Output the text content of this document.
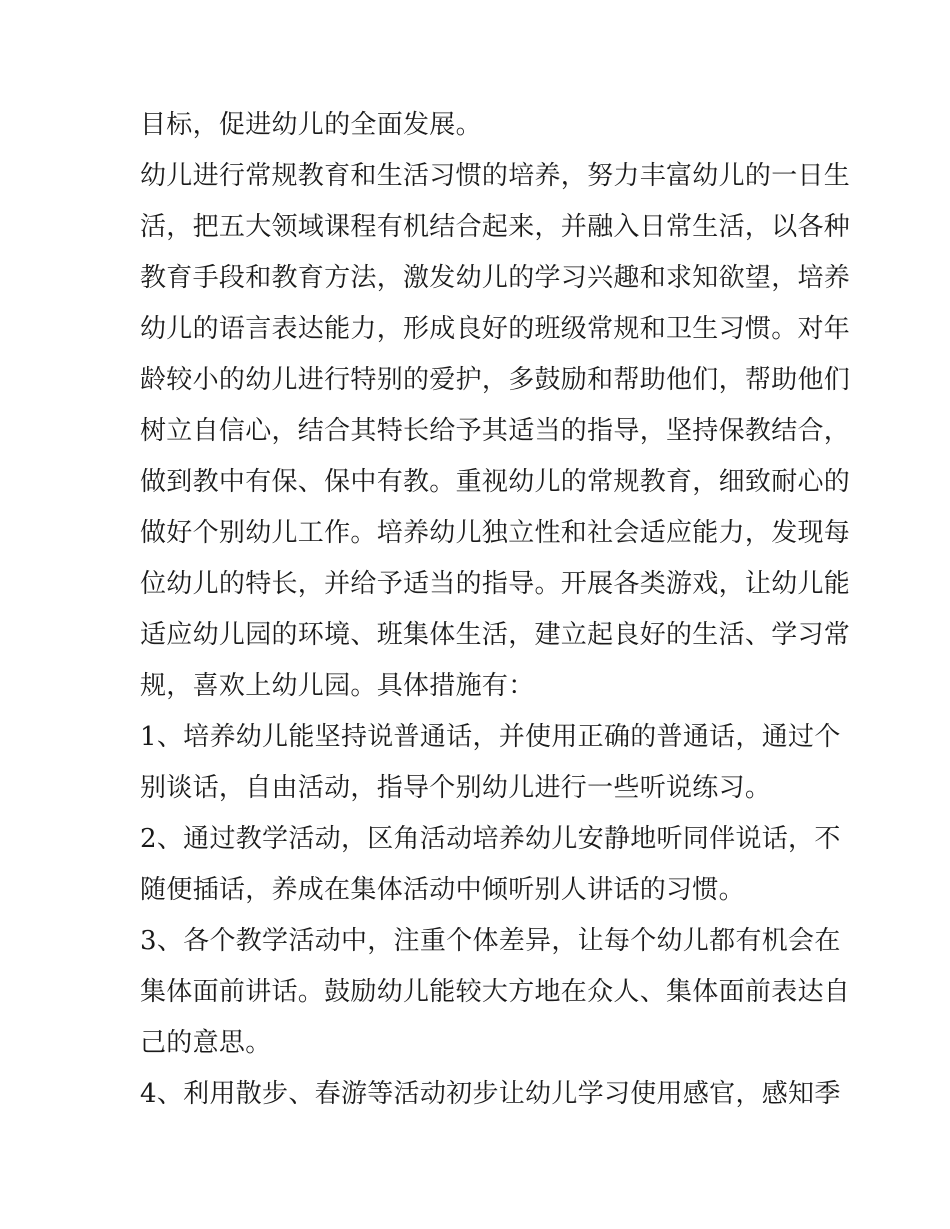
目标，促进幼儿的全面发展。
幼儿进行常规教育和生活习惯的培养，努力丰富幼儿的一日生
活，把五大领域课程有机结合起来，并融入日常生活，以各种
教育手段和教育方法，激发幼儿的学习兴趣和求知欲望，培养
幼儿的语言表达能力，形成良好的班级常规和卫生习惯。对年
龄较小的幼儿进行特别的爱护，多鼓励和帮助他们，帮助他们
树立自信心，结合其特长给予其适当的指导，坚持保教结合，
做到教中有保、保中有教。重视幼儿的常规教育，细致耐心的
做好个别幼儿工作。培养幼儿独立性和社会适应能力，发现每
位幼儿的特长，并给予适当的指导。开展各类游戏，让幼儿能
适应幼儿园的环境、班集体生活，建立起良好的生活、学习常
规，喜欢上幼儿园。具体措施有：
1、培养幼儿能坚持说普通话，并使用正确的普通话，通过个
别谈话，自由活动，指导个别幼儿进行一些听说练习。
2、通过教学活动，区角活动培养幼儿安静地听同伴说话，不
随便插话，养成在集体活动中倾听别人讲话的习惯。
3、各个教学活动中，注重个体差异，让每个幼儿都有机会在
集体面前讲话。鼓励幼儿能较大方地在众人、集体面前表达自
己的意思。
4、利用散步、春游等活动初步让幼儿学习使用感官，感知季
